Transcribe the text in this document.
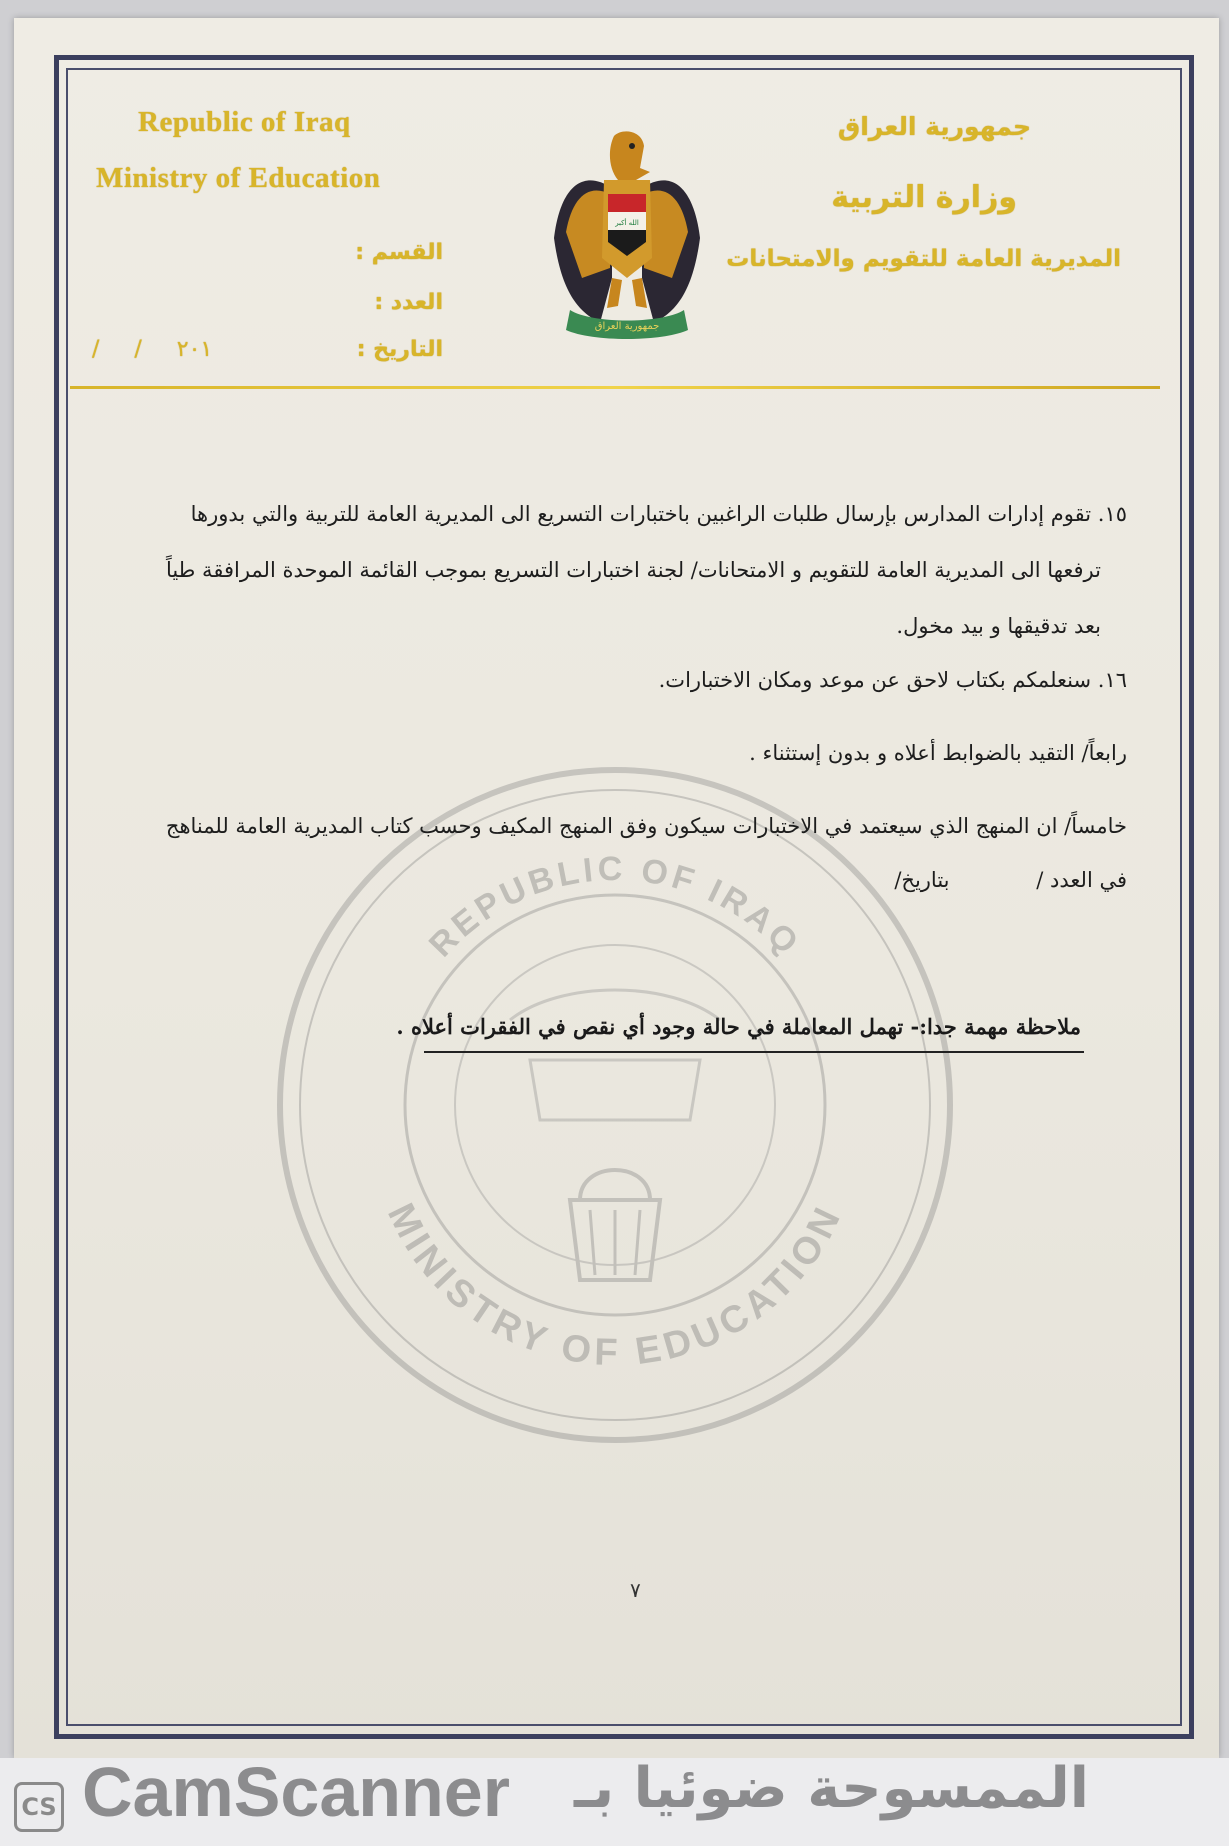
Republic of Iraq
Ministry of Education
القسم :
العدد :
التاريخ :
/     /     ٢٠١
جمهورية العراق
وزارة التربية
المديرية العامة للتقويم والامتحانات
الله أكبر
جمهورية العراق
REPUBLIC OF IRAQ
MINISTRY OF EDUCATION
١٥. تقوم إدارات المدارس بإرسال طلبات الراغبين باختبارات التسريع الى المديرية العامة للتربية والتي بدورها
ترفعها الى المديرية العامة للتقويم و الامتحانات/ لجنة اختبارات التسريع بموجب القائمة الموحدة المرافقة طياً
بعد تدقيقها و بيد مخول.
١٦. سنعلمكم بكتاب لاحق عن موعد ومكان الاختبارات.
رابعاً/ التقيد بالضوابط أعلاه و بدون إستثناء .
خامساً/ ان المنهج الذي سيعتمد في الاختبارات سيكون وفق المنهج المكيف وحسب كتاب المديرية العامة للمناهج
في العدد /             بتاريخ/
ملاحظة مهمة جدا:- تهمل المعاملة في حالة وجود أي نقص في الفقرات أعلاه .
٧
CS CamScanner الممسوحة ضوئيا بـ
